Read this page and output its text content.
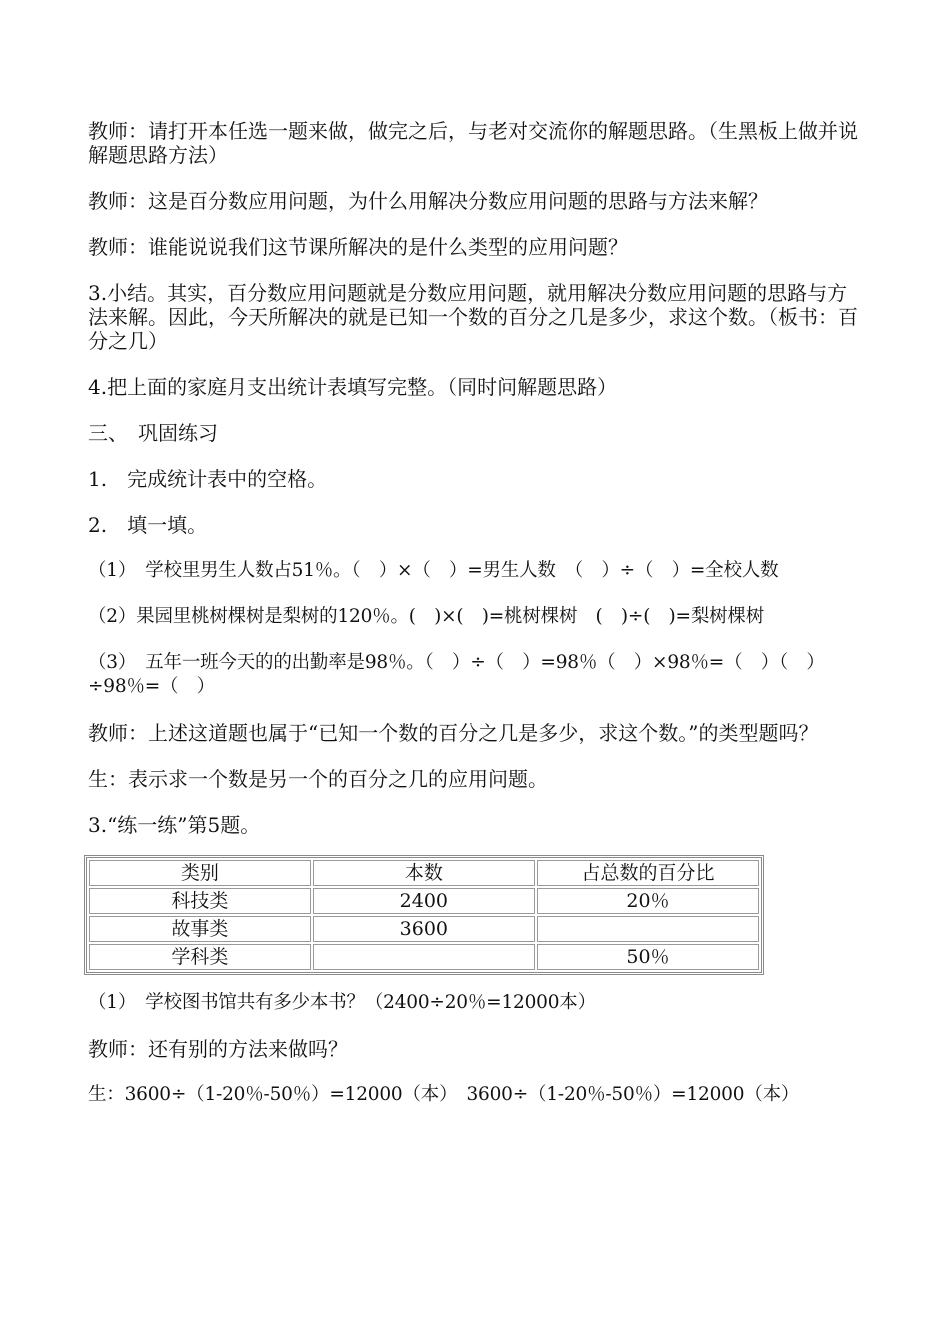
教师：请打开本任选一题来做，做完之后，与老对交流你的解题思路。（生黑板上做并说解题思路方法）

教师：这是百分数应用问题，为什么用解决分数应用问题的思路与方法来解？

教师：谁能说说我们这节课所解决的是什么类型的应用问题？

3.小结。其实，百分数应用问题就是分数应用问题，就用解决分数应用问题的思路与方法来解。因此，今天所解决的就是已知一个数的百分之几是多少，求这个数。（板书：百分之几）

4.把上面的家庭月支出统计表填写完整。（同时问解题思路）

三、　巩固练习

1.　完成统计表中的空格。

2.　填一填。

（1）　学校里男生人数占51％。（　）×（　）=男生人数　（　）÷（　）=全校人数

（2）果园里桃树棵树是梨树的120％。(　)×(　)=桃树棵树　(　)÷(　)=梨树棵树

（3）　五年一班今天的的出勤率是98％。（　）÷（　）=98％（　）×98％=（　）（　）÷98％=（　）

教师：上述这道题也属于“已知一个数的百分之几是多少，求这个数。”的类型题吗？

生：表示求一个数是另一个的百分之几的应用问题。

3.“练一练”第5题。

类别	本数	占总数的百分比
科技类	2400	20％
故事类	3600	
学科类		50％

（1）　学校图书馆共有多少本书？（2400÷20％=12000本）

教师：还有别的方法来做吗？

生：3600÷（1-20％-50％）=12000（本）　3600÷（1-20％-50％）=12000（本）
